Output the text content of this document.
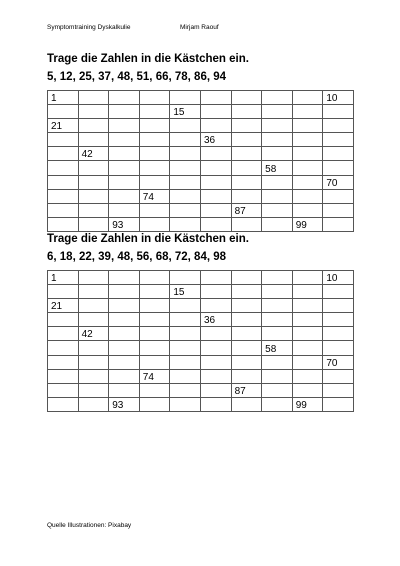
Symptomtraining Dyskalkulie	Mirjam Raouf
Trage die Zahlen in die Kästchen ein.
5, 12, 25, 37, 48, 51, 66, 78, 86, 94
1									10
				15					
21									
					36				
	42								
							58		
									70
			74						
						87			
		93						99	
Trage die Zahlen in die Kästchen ein.
6, 18, 22, 39, 48, 56, 68, 72, 84, 98
1									10
				15					
21									
					36				
	42								
							58		
									70
			74						
						87			
		93						99	
Quelle Illustrationen: Pixabay
